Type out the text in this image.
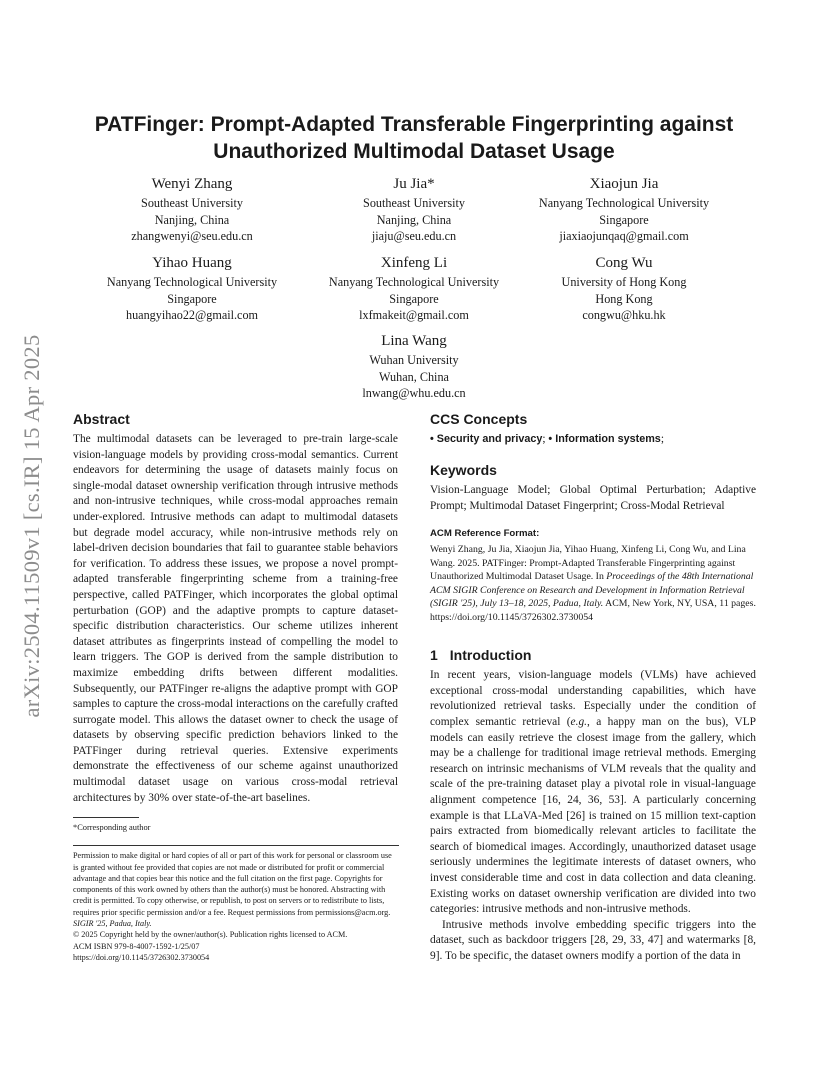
arXiv:2504.11509v1 [cs.IR] 15 Apr 2025
PATFinger: Prompt-Adapted Transferable Fingerprinting against Unauthorized Multimodal Dataset Usage
Wenyi Zhang
Southeast University
Nanjing, China
zhangwenyi@seu.edu.cn
Ju Jia*
Southeast University
Nanjing, China
jiaju@seu.edu.cn
Xiaojun Jia
Nanyang Technological University
Singapore
jiaxiaojunqaq@gmail.com
Yihao Huang
Nanyang Technological University
Singapore
huangyihao22@gmail.com
Xinfeng Li
Nanyang Technological University
Singapore
lxfmakeit@gmail.com
Cong Wu
University of Hong Kong
Hong Kong
congwu@hku.hk
Lina Wang
Wuhan University
Wuhan, China
lnwang@whu.edu.cn
Abstract

The multimodal datasets can be leveraged to pre-train large-scale vision-language models by providing cross-modal semantics. Current endeavors for determining the usage of datasets mainly focus on single-modal dataset ownership verification through intrusive methods and non-intrusive techniques, while cross-modal approaches remain under-explored. Intrusive methods can adapt to multimodal datasets but degrade model accuracy, while non-intrusive methods rely on label-driven decision boundaries that fail to guarantee stable behaviors for verification. To address these issues, we propose a novel prompt-adapted transferable fingerprinting scheme from a training-free perspective, called PATFinger, which incorporates the global optimal perturbation (GOP) and the adaptive prompts to capture dataset-specific distribution characteristics. Our scheme utilizes inherent dataset attributes as fingerprints instead of compelling the model to learn triggers. The GOP is derived from the sample distribution to maximize embedding drifts between different modalities. Subsequently, our PATFinger re-aligns the adaptive prompt with GOP samples to capture the cross-modal interactions on the carefully crafted surrogate model. This allows the dataset owner to check the usage of datasets by observing specific prediction behaviors linked to the PATFinger during retrieval queries. Extensive experiments demonstrate the effectiveness of our scheme against unauthorized multimodal dataset usage on various cross-modal retrieval architectures by 30% over state-of-the-art baselines.

*Corresponding author
Permission to make digital or hard copies of all or part of this work for personal or classroom use is granted without fee provided that copies are not made or distributed for profit or commercial advantage and that copies bear this notice and the full citation on the first page. Copyrights for components of this work owned by others than the author(s) must be honored. Abstracting with credit is permitted. To copy otherwise, or republish, to post on servers or to redistribute to lists, requires prior specific permission and/or a fee. Request permissions from permissions@acm.org.
SIGIR '25, Padua, Italy.
© 2025 Copyright held by the owner/author(s). Publication rights licensed to ACM.
ACM ISBN 979-8-4007-1592-1/25/07
https://doi.org/10.1145/3726302.3730054
CCS Concepts
• Security and privacy; • Information systems;
Keywords

Vision-Language Model; Global Optimal Perturbation; Adaptive Prompt; Multimodal Dataset Fingerprint; Cross-Modal Retrieval

ACM Reference Format:

Wenyi Zhang, Ju Jia, Xiaojun Jia, Yihao Huang, Xinfeng Li, Cong Wu, and Lina Wang. 2025. PATFinger: Prompt-Adapted Transferable Fingerprinting against Unauthorized Multimodal Dataset Usage. In Proceedings of the 48th International ACM SIGIR Conference on Research and Development in Information Retrieval (SIGIR '25), July 13–18, 2025, Padua, Italy. ACM, New York, NY, USA, 11 pages. https://doi.org/10.1145/3726302.3730054

1 Introduction

In recent years, vision-language models (VLMs) have achieved exceptional cross-modal understanding capabilities, which have revolutionized retrieval tasks. Especially under the condition of complex semantic retrieval (e.g., a happy man on the bus), VLP models can easily retrieve the closest image from the gallery, which may be a challenge for traditional image retrieval methods. Emerging research on intrinsic mechanisms of VLM reveals that the quality and scale of the pre-training dataset play a pivotal role in visual-language alignment competence [16, 24, 36, 53]. A particularly concerning example is that LLaVA-Med [26] is trained on 15 million text-caption pairs extracted from biomedically relevant articles to facilitate the search of biomedical images. Accordingly, unauthorized dataset usage seriously undermines the legitimate interests of dataset owners, who invest considerable time and cost in data collection and data cleaning. Existing works on dataset ownership verification are divided into two categories: intrusive methods and non-intrusive methods.

Intrusive methods involve embedding specific triggers into the dataset, such as backdoor triggers [28, 29, 33, 47] and watermarks [8, 9]. To be specific, the dataset owners modify a portion of the data in
